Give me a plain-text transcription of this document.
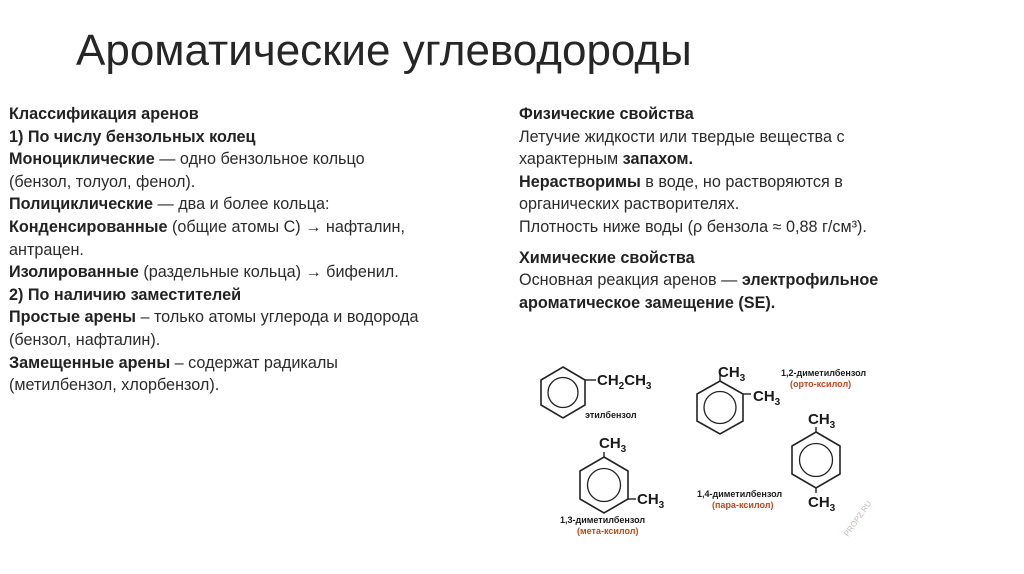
Ароматические углеводороды
Классификация аренов
1) По числу бензольных колец
Моноциклические — одно бензольное кольцо
(бензол, толуол, фенол).
Полициклические — два и более кольца:
Конденсированные (общие атомы С) → нафталин,
антрацен.
Изолированные (раздельные кольца) → бифенил.
2) По наличию заместителей
Простые арены – только атомы углерода и водорода
(бензол, нафталин).
Замещенные арены – содержат радикалы
(метилбензол, хлорбензол).
Физические свойства
Летучие жидкости или твердые вещества с
характерным запахом.
Нерастворимы в воде, но растворяются в
органических растворителях.
Плотность ниже воды (ρ бензола ≈ 0,88 г/см³).
Химические свойства
Основная реакция аренов — электрофильное
ароматическое замещение (SE).
$CH_2CH_3$
этилбензол
$CH_3$
$CH_3$
1,2-диметилбензол
(орто-ксилол)
$CH_3$
$CH_3$
1,3-диметилбензол
(мета-ксилол)
$CH_3$
$CH_3$
1,4-диметилбензол
(пара-ксилол)	PROPZ.RU
